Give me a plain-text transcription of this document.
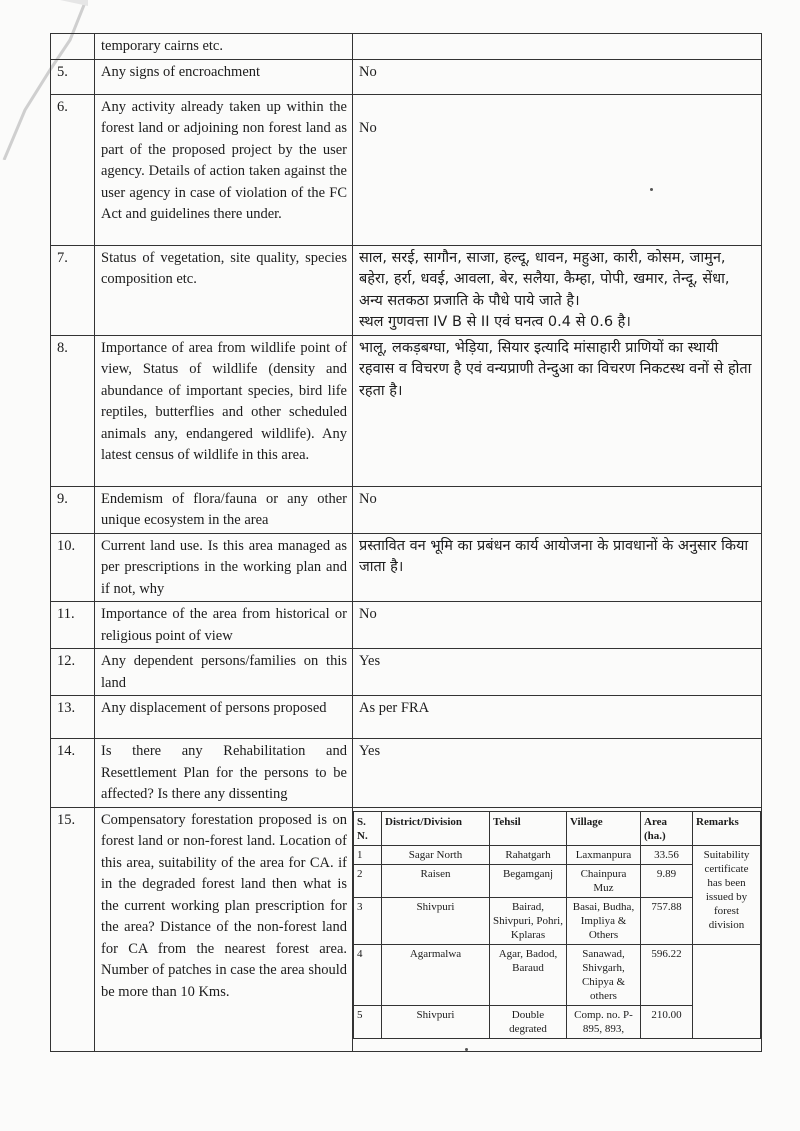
	temporary cairns etc.	
5.	Any signs of encroachment	No
6.	Any activity already taken up within the forest land or adjoining non forest land as part of the proposed project by the user agency. Details of action taken against the user agency in case of violation of the FC Act and guidelines there under.	
No

7.	Status of vegetation, site quality, species composition etc.	

साल, सरई, सागौन, साजा, हल्दू, धावन, महुआ, कारी, कोसम, जामुन, बहेरा, हर्रा, धवई, आवला, बेर, सलैया, कैम्हा, पोपी, खमार, तेन्दू, सेंधा, अन्य सतकठा प्रजाति के पौधे पाये जाते है।

स्थल गुणवत्ता IV B से II एवं घनत्व 0.4 से 0.6 है।

8.	Importance of area from wildlife point of view, Status of wildlife (density and abundance of important species, bird life reptiles, butterflies and other scheduled animals any, endangered wildlife). Any latest census of wildlife in this area.	

भालू, लकड़बग्घा, भेड़िया, सियार इत्यादि मांसाहारी प्राणियों का स्थायी रहवास व विचरण है एवं वन्यप्राणी तेन्दुआ का विचरण निकटस्थ वनों से होता रहता है।

9.	Endemism of flora/fauna or any other unique ecosystem in the area	No
10.	Current land use. Is this area managed as per prescriptions in the working plan and if not, why	

प्रस्तावित वन भूमि का प्रबंधन कार्य आयोजना के प्रावधानों के अनुसार किया जाता है।

11.	Importance of the area from historical or religious point of view	No
12.	Any dependent persons/families on this land	Yes
13.	Any displacement of persons proposed	As per FRA
14.	Is there any Rehabilitation and Resettlement Plan for the persons to be affected? Is there any dissenting	Yes
15.	Compensatory forestation proposed is on forest land or non-forest land. Location of this area, suitability of the area for CA. if in the degraded forest land then what is the current working plan prescription for the area? Distance of the non-forest land for CA from the nearest forest area. Number of patches in case the area should be more than 10 Kms.	
S. N.	District/Division	Tehsil	Village	Area (ha.)	Remarks
1	Sagar North	Rahatgarh	Laxmanpura	33.56	Suitability certificate has been issued by forest division
2	Raisen	Begamganj	Chainpura Muz	9.89
3	Shivpuri	Bairad, Shivpuri, Pohri, Kplaras	Basai, Budha, Impliya & Others	757.88
4	Agarmalwa	Agar, Badod, Baraud	Sanawad, Shivgarh, Chipya & others	596.22	
5	Shivpuri	Double degrated	Comp. no. P-895, 893,	210.00
